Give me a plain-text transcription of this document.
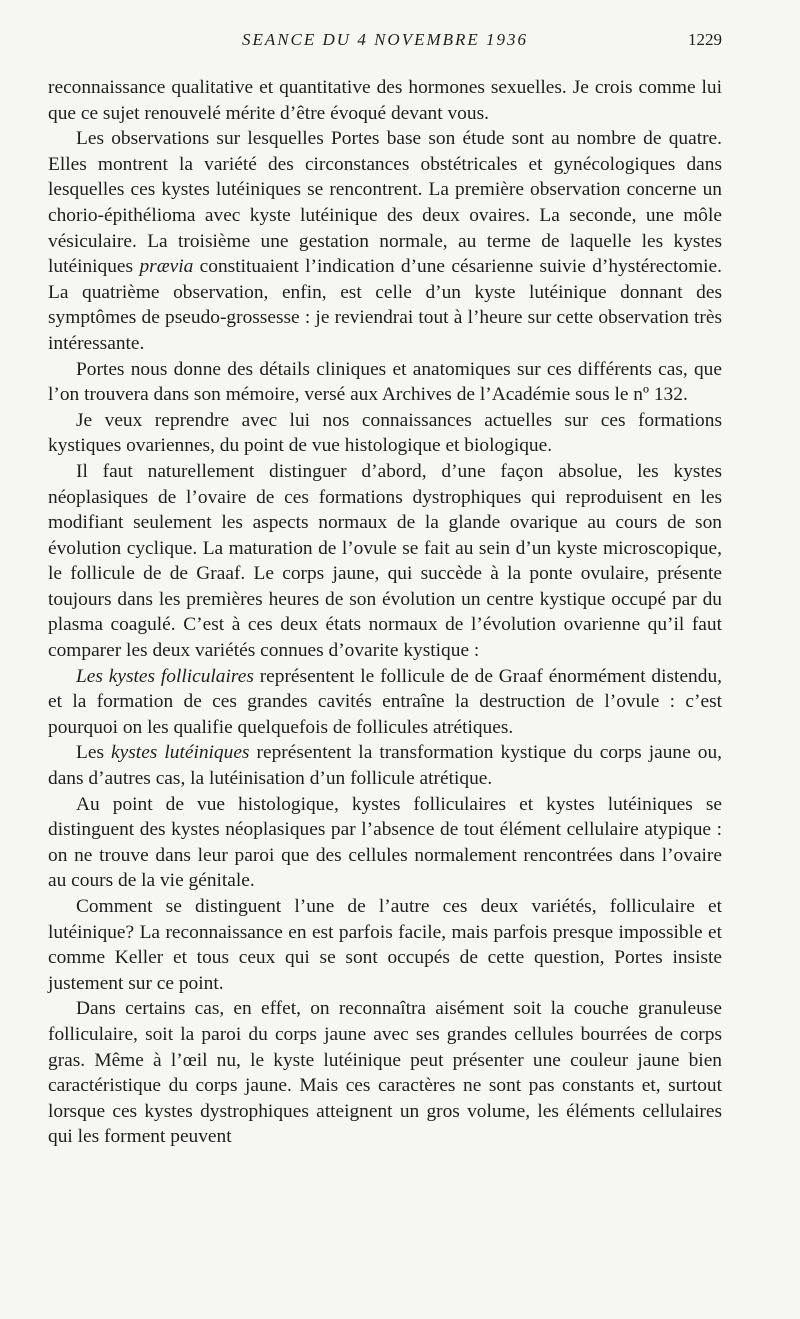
SEANCE DU 4 NOVEMBRE 1936	1229

reconnaissance qualitative et quantitative des hormones sexuelles. Je crois comme lui que ce sujet renouvelé mérite d’être évoqué devant vous.

Les observations sur lesquelles Portes base son étude sont au nombre de quatre. Elles montrent la variété des circonstances obstétricales et gynécologiques dans lesquelles ces kystes lutéiniques se rencontrent. La première observation concerne un chorio-épithélioma avec kyste lutéinique des deux ovaires. La seconde, une môle vésiculaire. La troisième une gestation normale, au terme de laquelle les kystes lutéiniques prævia constituaient l’indication d’une césarienne suivie d’hystérectomie. La quatrième observation, enfin, est celle d’un kyste lutéinique donnant des symptômes de pseudo-grossesse : je reviendrai tout à l’heure sur cette observation très intéressante.

Portes nous donne des détails cliniques et anatomiques sur ces différents cas, que l’on trouvera dans son mémoire, versé aux Archives de l’Académie sous le nº 132.

Je veux reprendre avec lui nos connaissances actuelles sur ces formations kystiques ovariennes, du point de vue histologique et biologique.

Il faut naturellement distinguer d’abord, d’une façon absolue, les kystes néoplasiques de l’ovaire de ces formations dystrophiques qui reproduisent en les modifiant seulement les aspects normaux de la glande ovarique au cours de son évolution cyclique. La maturation de l’ovule se fait au sein d’un kyste microscopique, le follicule de de Graaf. Le corps jaune, qui succède à la ponte ovulaire, présente toujours dans les premières heures de son évolution un centre kystique occupé par du plasma coagulé. C’est à ces deux états normaux de l’évolution ovarienne qu’il faut comparer les deux variétés connues d’ovarite kystique :

Les kystes folliculaires représentent le follicule de de Graaf énormément distendu, et la formation de ces grandes cavités entraîne la destruction de l’ovule : c’est pourquoi on les qualifie quelquefois de follicules atrétiques.

Les kystes lutéiniques représentent la transformation kystique du corps jaune ou, dans d’autres cas, la lutéinisation d’un follicule atrétique.

Au point de vue histologique, kystes folliculaires et kystes lutéiniques se distinguent des kystes néoplasiques par l’absence de tout élément cellulaire atypique : on ne trouve dans leur paroi que des cellules normalement rencontrées dans l’ovaire au cours de la vie génitale.

Comment se distinguent l’une de l’autre ces deux variétés, folliculaire et lutéinique? La reconnaissance en est parfois facile, mais parfois presque impossible et comme Keller et tous ceux qui se sont occupés de cette question, Portes insiste justement sur ce point.

Dans certains cas, en effet, on reconnaîtra aisément soit la couche granuleuse folliculaire, soit la paroi du corps jaune avec ses grandes cellules bourrées de corps gras. Même à l’œil nu, le kyste lutéinique peut présenter une couleur jaune bien caractéristique du corps jaune. Mais ces caractères ne sont pas constants et, surtout lorsque ces kystes dystrophiques atteignent un gros volume, les éléments cellulaires qui les forment peuvent
